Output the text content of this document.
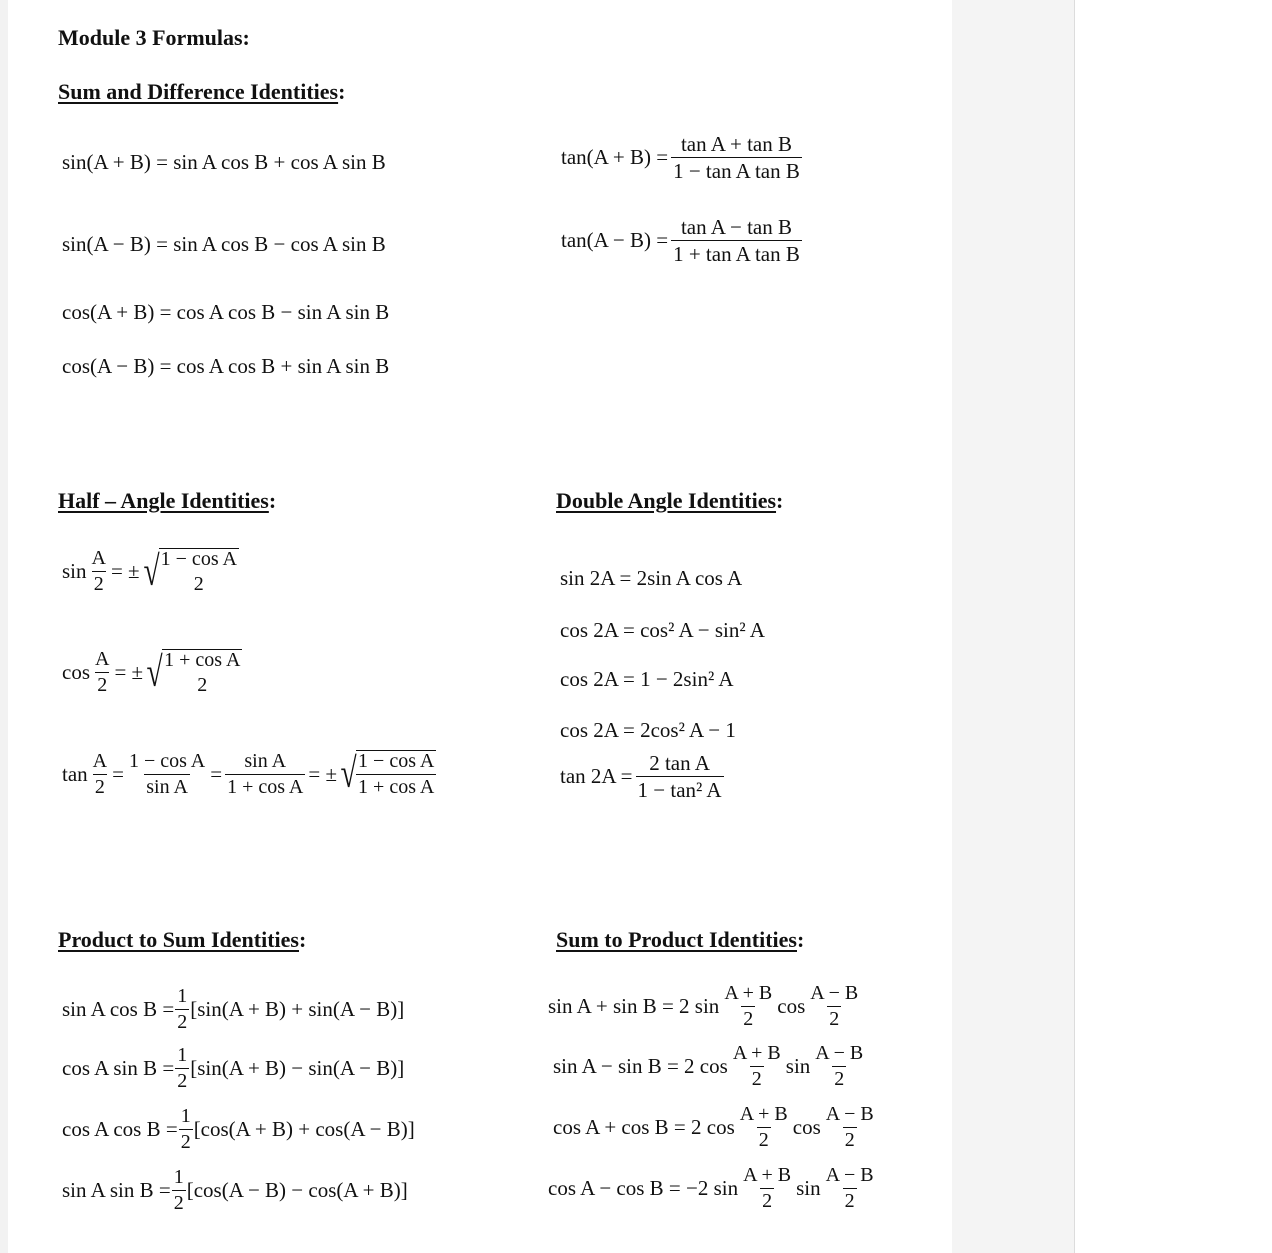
Module 3 Formulas:
Sum and Difference Identities:
sin(A + B) = sin A cos B + cos A sin B
sin(A − B) = sin A cos B − cos A sin B
cos(A + B) = cos A cos B − sin A sin B
cos(A − B) = cos A cos B + sin A sin B
$\tan(A + B) = \frac{\text{tan A + tan B}}{\text{1 − tan A tan B}}$
$\tan(A - B) = \frac{\text{tan A − tan B}}{\text{1 + tan A tan B}}$
Half – Angle Identities:
$\sin \frac{A}{2}$ = ± √ 1 − cos A
2
$\cos \frac{A}{2}$ = ± √ 1 + cos A
2
$\tan \frac{A}{2} = \frac{\text{1 − cos A}}{\text{sin A}} = \frac{\text{sin A}}{\text{1 + cos A}}$ = ± √ $\frac{\text{1 − cos A}}{\text{1 + cos A}}$
Double Angle Identities:
sin 2A = 2sin A cos A
cos 2A = cos² A − sin² A
cos 2A = 1 − 2sin² A
cos 2A = 2cos² A − 1
$\tan 2A = \frac{\text{2 tan A}}{\text{1 − tan² A}}$
Product to Sum Identities:
sin A $\cos B = \frac{1}{2} [\sin(A + B) + \sin(A - B)]$
cos A $\sin B = \frac{1}{2} [\sin(A + B) - \sin(A - B)]$
cos A $\cos B = \frac{1}{2} [\cos(A + B) + \cos(A - B)]$
sin A $\sin B = \frac{1}{2} [\cos(A - B) - \cos(A + B)]$
Sum to Product Identities:
sin A + sin B = 2 $\sin \frac{A + B}{2}$ $\cos \frac{A - B}{2}$
sin A − sin B = 2 $\cos \frac{A + B}{2}$ $\sin \frac{A - B}{2}$
cos A + cos B = 2 $\cos \frac{A + B}{2}$ $\cos \frac{A - B}{2}$
cos A − cos B = −2 $\sin \frac{A + B}{2}$ $\sin \frac{A - B}{2}$
